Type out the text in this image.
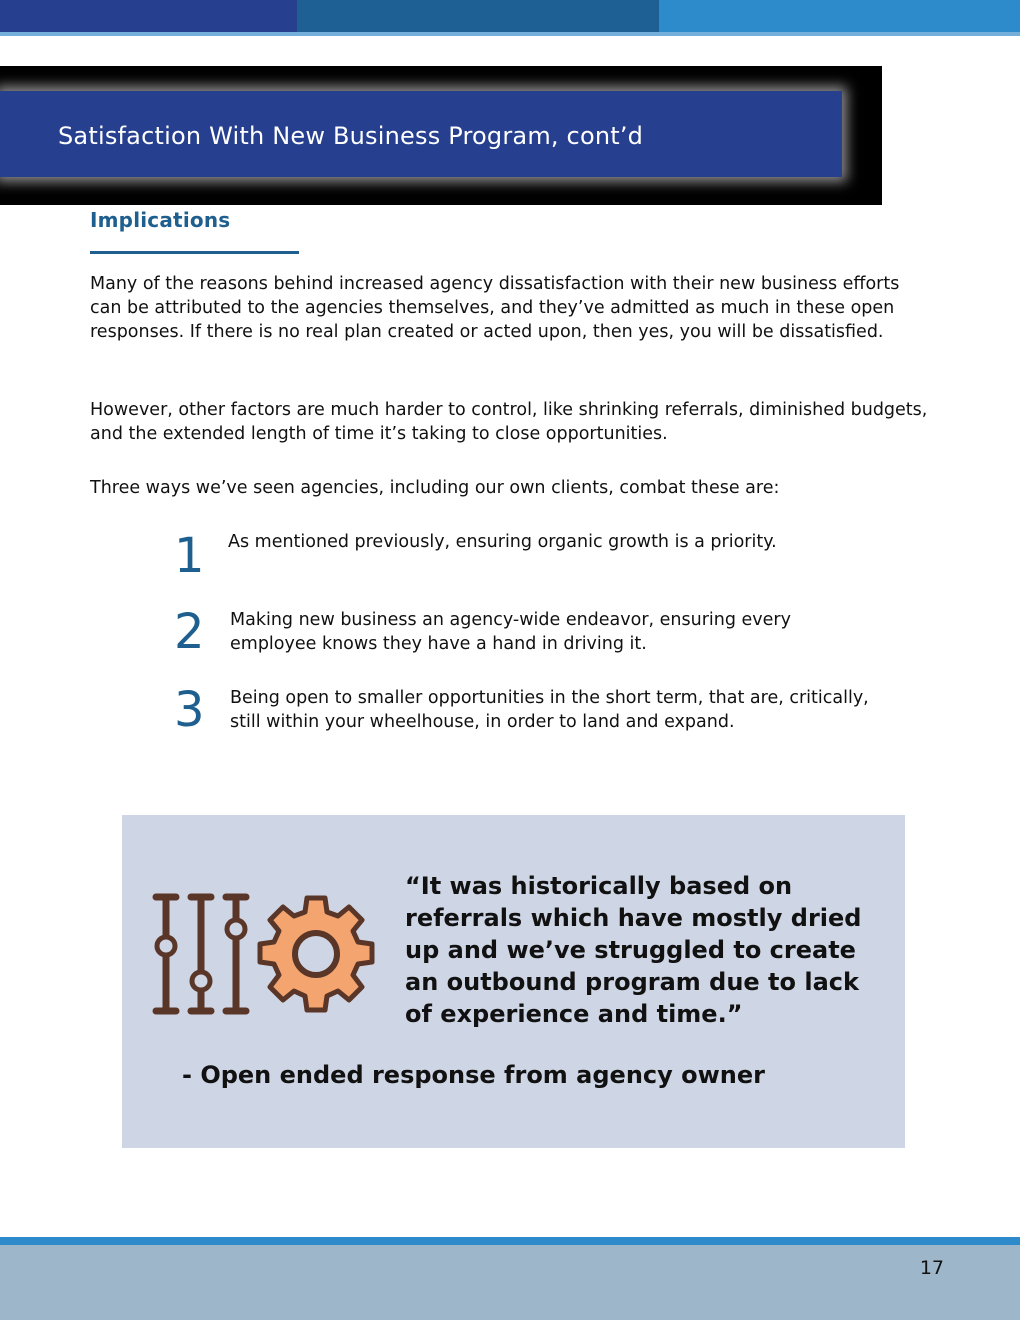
Satisfaction With New Business Program, cont’d
Implications

Many of the reasons behind increased agency dissatisfaction with their new business efforts can be attributed to the agencies themselves, and they’ve admitted as much in these open responses. If there is no real plan created or acted upon, then yes, you will be dissatisfied.

However, other factors are much harder to control, like shrinking referrals, diminished budgets, and the extended length of time it’s taking to close opportunities.

Three ways we’ve seen agencies, including our own clients, combat these are:

1 As mentioned previously, ensuring organic growth is a priority.
2 Making new business an agency-wide endeavor, ensuring every employee knows they have a hand in driving it.
3 Being open to smaller opportunities in the short term, that are, critically, still within your wheelhouse, in order to land and expand.
“It was historically based on referrals which have mostly dried up and we’ve struggled to create an outbound program due to lack of experience and time.”
- Open ended response from agency owner
17
